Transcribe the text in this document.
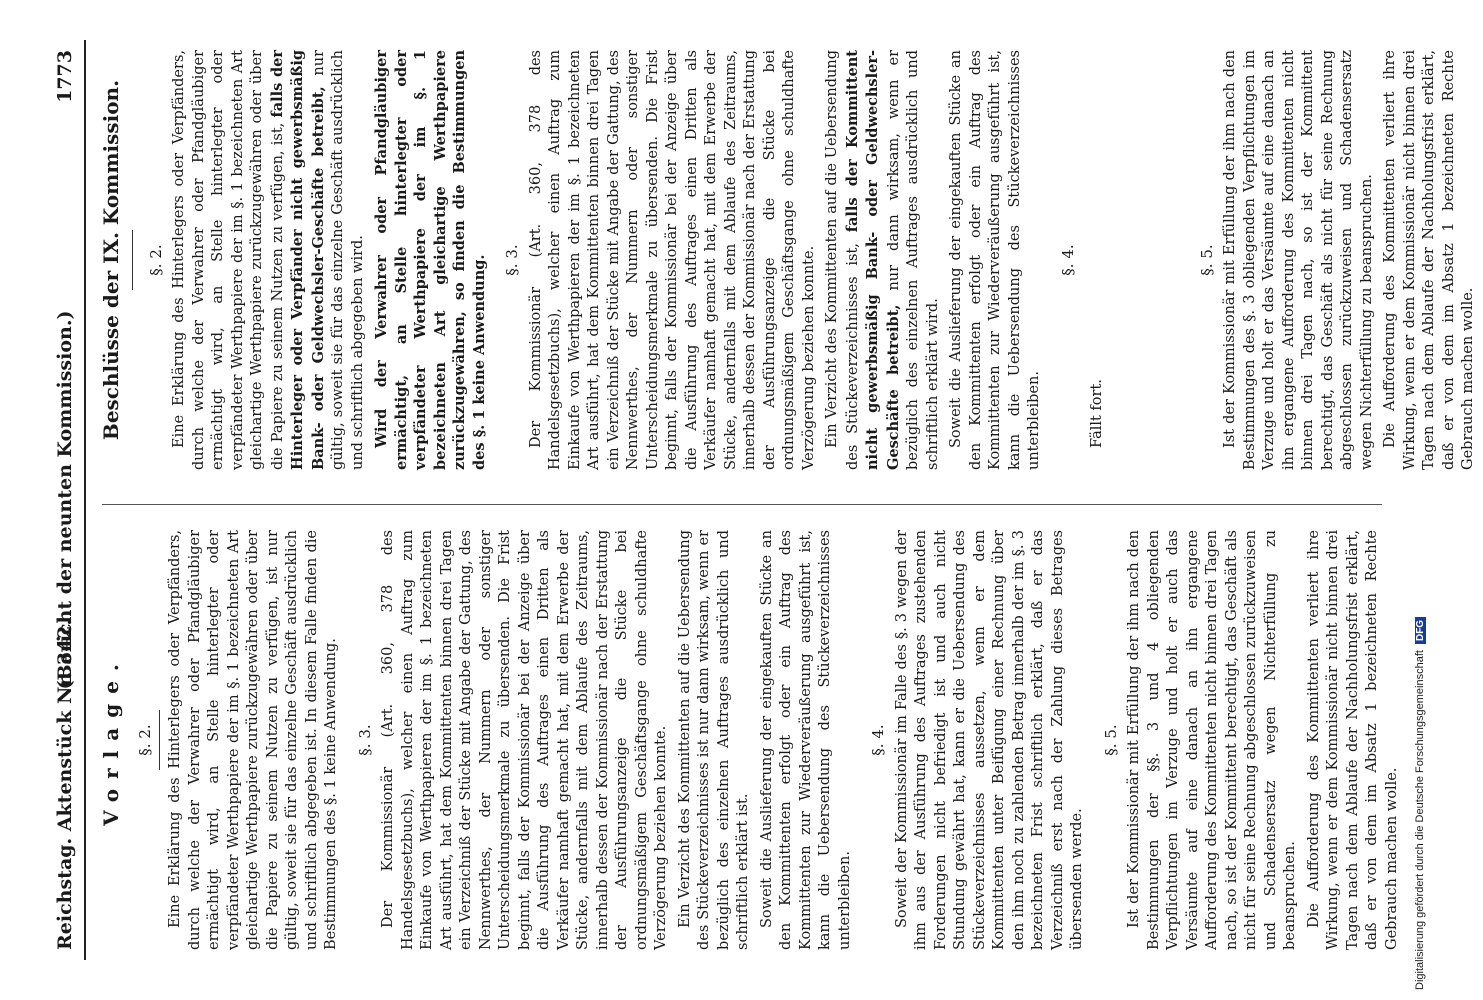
Reichstag. Aktenstück Nr. 342.
(Bericht der neunten Kommission.)
1773
Vorlage. §. 2. Eine Erklärung des Hinterlegers oder Verpfänders, durch welche der Verwahrer oder Pfandgläubiger ermächtigt wird, an Stelle hinterlegter oder verpfändeter Werthpapiere der im §. 1 bezeichneten Art gleichartige Werthpapiere zurückzugewähren oder über die Papiere zu seinem Nutzen zu verfügen, ist nur gültig, soweit sie für das einzelne Geschäft ausdrücklich und schriftlich abgegeben ist. In diesem Falle finden die Bestimmungen des §. 1 keine Anwendung. §. 3. Der Kommissionär (Art. 360, 378 des Handelsgesetzbuchs), welcher einen Auftrag zum Einkaufe von Werthpapieren der im §. 1 bezeichneten Art ausführt, hat dem Kommittenten binnen drei Tagen ein Verzeichniß der Stücke mit Angabe der Gattung, des Nennwerthes, der Nummern oder sonstiger Unterscheidungsmerkmale zu übersenden. Die Frist beginnt, falls der Kommissionär bei der Anzeige über die Ausführung des Auftrages einen Dritten als Verkäufer namhaft gemacht hat, mit dem Erwerbe der Stücke, andernfalls mit dem Ablaufe des Zeitraums, innerhalb dessen der Kommissionär nach der Erstattung der Ausführungsanzeige die Stücke bei ordnungsmäßigem Geschäftsgange ohne schuldhafte Verzögerung beziehen konnte. Ein Verzicht des Kommittenten auf die Uebersendung des Stückeverzeichnisses ist nur dann wirksam, wenn er bezüglich des einzelnen Auftrages ausdrücklich und schriftlich erklärt ist. Soweit die Auslieferung der eingekauften Stücke an den Kommittenten erfolgt oder ein Auftrag des Kommittenten zur Wiederveräußerung ausgeführt ist, kann die Uebersendung des Stückeverzeichnisses unterbleiben.

§. 4. Soweit der Kommissionär im Falle des §. 3 wegen der ihm aus der Ausführung des Auftrages zustehenden Forderungen nicht befriedigt ist und auch nicht Stundung gewährt hat, kann er die Uebersendung des Stückeverzeichnisses aussetzen, wenn er dem Kommittenten unter Beifügung einer Rechnung über den ihm noch zu zahlenden Betrag innerhalb der im §. 3 bezeichneten Frist schriftlich erklärt, daß er das Verzeichniß erst nach der Zahlung dieses Betrages übersenden werde.

§. 5. Ist der Kommissionär mit Erfüllung der ihm nach den Bestimmungen der §§. 3 und 4 obliegenden Verpflichtungen im Verzuge und holt er auch das Versäumte auf eine danach an ihn ergangene Aufforderung des Kommittenten nicht binnen drei Tagen nach, so ist der Kommittent berechtigt, das Geschäft als nicht für seine Rechnung abgeschlossen zurückzuweisen und Schadensersatz wegen Nichterfüllung zu beanspruchen. Die Aufforderung des Kommittenten verliert ihre Wirkung, wenn er dem Kommissionär nicht binnen drei Tagen nach dem Ablaufe der Nachholungsfrist erklärt, daß er von dem im Absatz 1 bezeichneten Rechte Gebrauch machen wolle.

Beschlüsse der IX. Kommission. §. 2. Eine Erklärung des Hinterlegers oder Verpfänders, durch welche der Verwahrer oder Pfandgläubiger ermächtigt wird, an Stelle hinterlegter oder verpfändeter Werthpapiere der im §. 1 bezeichneten Art gleichartige Werthpapiere zurückzugewähren oder über die Papiere zu seinem Nutzen zu verfügen, ist, falls der Hinterleger oder Verpfänder nicht gewerbsmäßig Bank- oder Geldwechsler-Geschäfte betreibt, nur gültig, soweit sie für das einzelne Geschäft ausdrücklich und schriftlich abgegeben wird. Wird der Verwahrer oder Pfandgläubiger ermächtigt, an Stelle hinterlegter oder verpfändeter Werthpapiere der im §. 1 bezeichneten Art gleichartige Werthpapiere zurückzugewähren, so finden die Bestimmungen des §. 1 keine Anwendung. §. 3. Der Kommissionär (Art. 360, 378 des Handelsgesetzbuchs), welcher einen Auftrag zum Einkaufe von Werthpapieren der im §. 1 bezeichneten Art ausführt, hat dem Kommittenten binnen drei Tagen ein Verzeichniß der Stücke mit Angabe der Gattung, des Nennwerthes, der Nummern oder sonstiger Unterscheidungsmerkmale zu übersenden. Die Frist beginnt, falls der Kommissionär bei der Anzeige über die Ausführung des Auftrages einen Dritten als Verkäufer namhaft gemacht hat, mit dem Erwerbe der Stücke, andernfalls mit dem Ablaufe des Zeitraums, innerhalb dessen der Kommissionär nach der Erstattung der Ausführungsanzeige die Stücke bei ordnungsmäßigem Geschäftsgange ohne schuldhafte Verzögerung beziehen konnte. Ein Verzicht des Kommittenten auf die Uebersendung des Stückeverzeichnisses ist, falls der Kommittent nicht gewerbsmäßig Bank- oder Geldwechsler-Geschäfte betreibt, nur dann wirksam, wenn er bezüglich des einzelnen Auftrages ausdrücklich und schriftlich erklärt wird. Soweit die Auslieferung der eingekauften Stücke an den Kommittenten erfolgt oder ein Auftrag des Kommittenten zur Wiederveräußerung ausgeführt ist, kann die Uebersendung des Stückeverzeichnisses unterbleiben.

§. 4.
Fällt fort.
§. 5. Ist der Kommissionär mit Erfüllung der ihm nach den Bestimmungen des §. 3 obliegenden Verpflichtungen im Verzuge und holt er das Versäumte auf eine danach an ihn ergangene Aufforderung des Kommittenten nicht binnen drei Tagen nach, so ist der Kommittent berechtigt, das Geschäft als nicht für seine Rechnung abgeschlossen zurückzuweisen und Schadensersatz wegen Nichterfüllung zu beanspruchen. Die Aufforderung des Kommittenten verliert ihre Wirkung, wenn er dem Kommissionär nicht binnen drei Tagen nach dem Ablaufe der Nachholungsfrist erklärt, daß er von dem im Absatz 1 bezeichneten Rechte Gebrauch machen wolle.

Digitalisierung gefördert durch die Deutsche ForschungsgemeinschaftDFG
